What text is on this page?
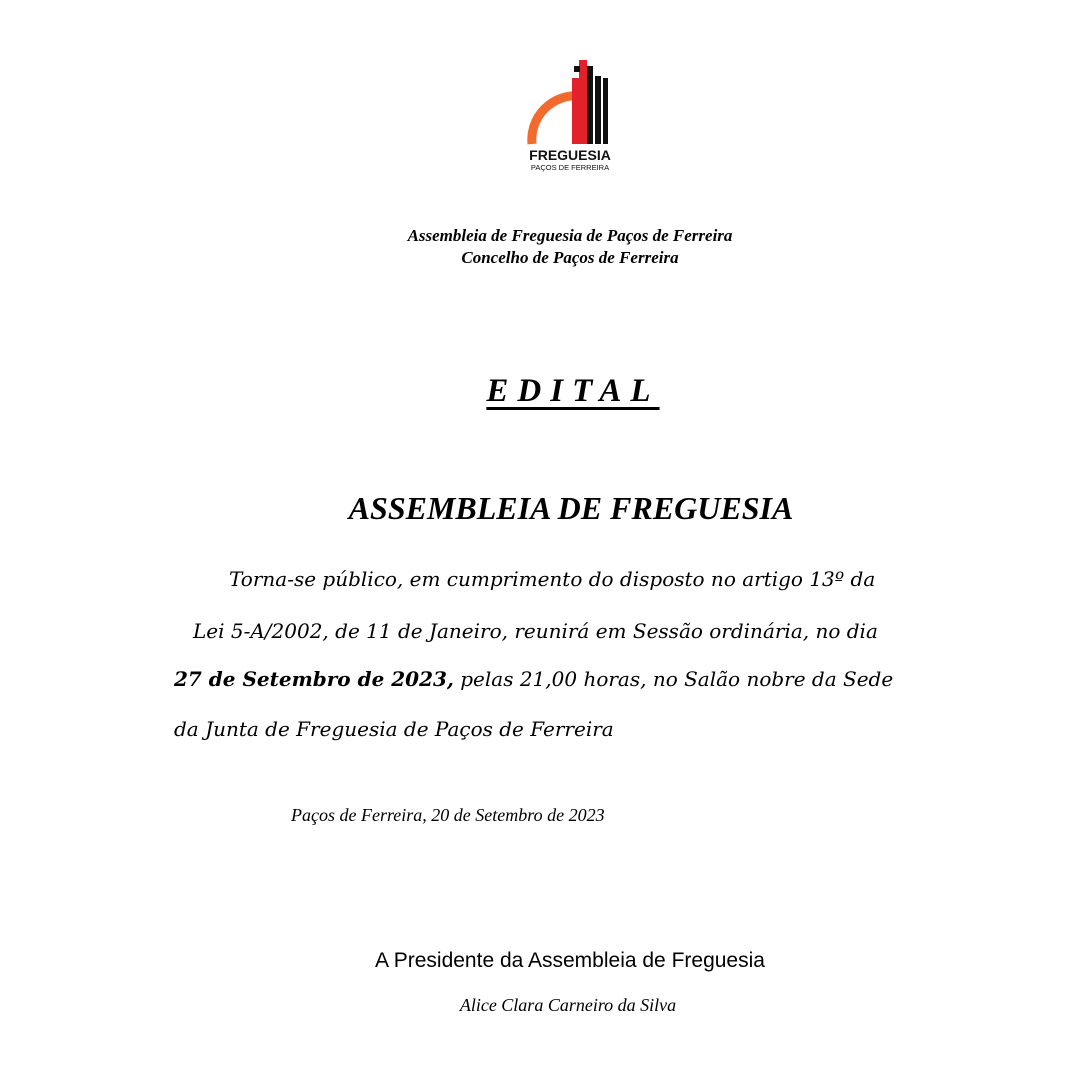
FREGUESIA
PAÇOS DE FERREIRA
Assembleia de Freguesia de Paços de Ferreira
Concelho de Paços de Ferreira
EDITAL
ASSEMBLEIA DE FREGUESIA
Torna-se público, em cumprimento do disposto no artigo 13º da
Lei 5-A/2002, de 11 de Janeiro, reunirá em Sessão ordinária, no dia
27 de Setembro de 2023, pelas 21,00 horas, no Salão nobre da Sede
da Junta de Freguesia de Paços de Ferreira
Paços de Ferreira, 20 de Setembro de 2023
A Presidente da Assembleia de Freguesia
Alice Clara Carneiro da Silva
